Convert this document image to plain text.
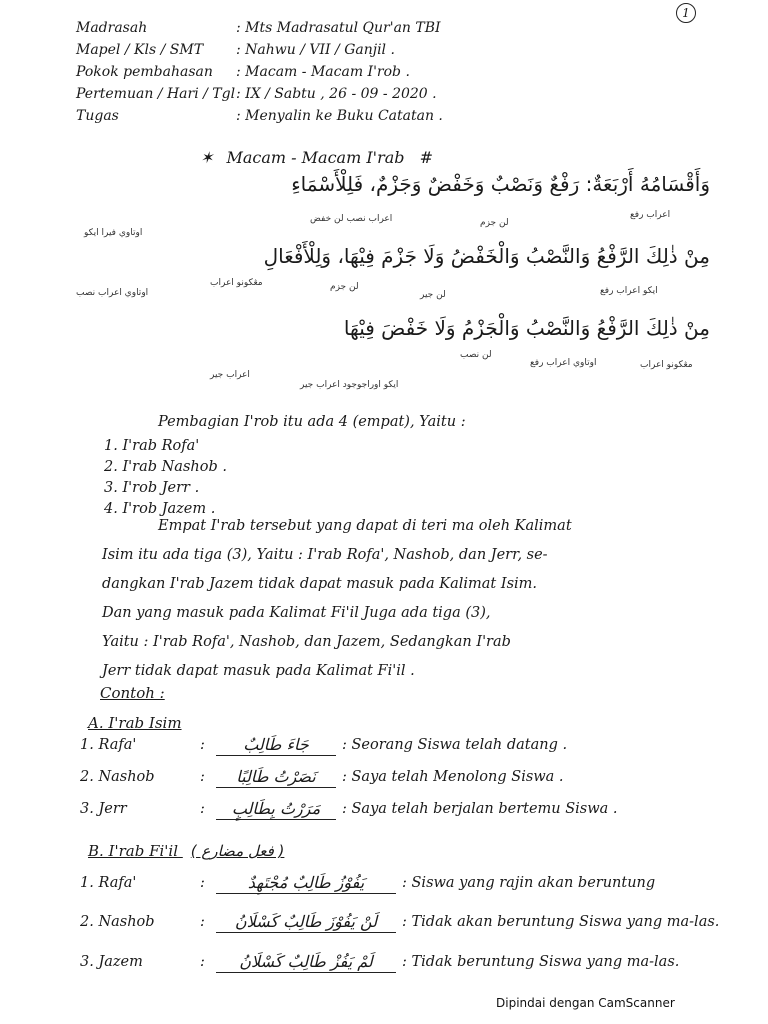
1
Madrasah	: Mts Madrasatul Qur'an TBI
Mapel / Kls / SMT	: Nahwu / VII / Ganjil .
Pokok pembahasan	: Macam - Macam I'rob .
Pertemuan / Hari / Tgl : IX / Sabtu , 26 - 09 - 2020 .
Tugas	: Menyalin ke Buku Catatan .
✶ Macam - Macam I'rab #
وَأَقْسَامُهُ أَرْبَعَةٌ: رَفْعٌ وَنَصْبٌ وَخَفْضٌ وَجَزْمٌ، فَلِلْأَسْمَاءِ
مِنْ ذٰلِكَ الرَّفْعُ وَالنَّصْبُ وَالْخَفْضُ وَلَا جَزْمَ فِيْهَا، وَلِلْأَفْعَالِ
مِنْ ذٰلِكَ الرَّفْعُ وَالنَّصْبُ وَالْجَزْمُ وَلَا خَفْضَ فِيْهَا
اوتاوي فيرا ايكو
اعراب نصب لن خفض	لن جزم
اعراب رفع
اوتاوي اعراب نصب
مڠكونو اعراب	لن جزم
لن جير	ايكو اعراب رفع
لن نصب
اعراب جير
اوتاوي اعراب رفع	مڠكونو اعراب
ايكو اوراجوجود اعراب جير
Pembagian I'rob itu ada 4 (empat), Yaitu :
1. I'rab Rofa'
2. I'rab Nashob .
3. I'rob Jerr .
4. I'rob Jazem .
Empat I'rab tersebut yang dapat di teri ma oleh Kalimat
Isim itu ada tiga (3), Yaitu : I'rab Rofa', Nashob, dan Jerr, se-
dangkan I'rab Jazem tidak dapat masuk pada Kalimat Isim.
Dan yang masuk pada Kalimat Fi'il Juga ada tiga (3),
Yaitu : I'rab Rofa', Nashob, dan Jazem, Sedangkan I'rab
Jerr tidak dapat masuk pada Kalimat Fi'il .
Contoh :
A. I'rab Isim
1. Rafa'	:	جَاءَ طَالِبٌ	: Seorang Siswa telah datang .
2. Nashob	:	نَصَرْتُ طَالِبًا	: Saya telah Menolong Siswa .
3. Jerr	:	مَرَرْتُ بِطَالِبٍ	: Saya telah berjalan bertemu Siswa .
B. I'rab Fi'il ( فعل مضارع )
1. Rafa'	:	يَفُوْزُ طَالِبٌ مُجْتَهِدٌ	: Siswa yang rajin akan beruntung
2. Nashob	:	لَنْ يَفُوْزَ طَالِبٌ كَسْلَانُ	: Tidak akan beruntung Siswa yang ma-las.
3. Jazem	:	لَمْ يَفُزْ طَالِبٌ كَسْلَانُ	: Tidak beruntung Siswa yang ma-las.
Dipindai dengan CamScanner
